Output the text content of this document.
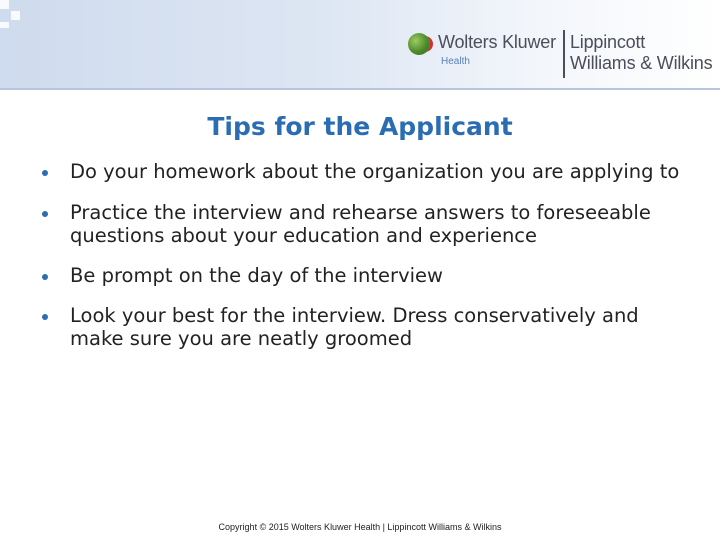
Wolters Kluwer
Health
Lippincott
Williams & Wilkins
Tips for the Applicant
Do your homework about the organization you are applying to
Practice the interview and rehearse answers to foreseeable questions about your education and experience
Be prompt on the day of the interview
Look your best for the interview. Dress conservatively and make sure you are neatly groomed
Copyright © 2015 Wolters Kluwer Health | Lippincott Williams & Wilkins
